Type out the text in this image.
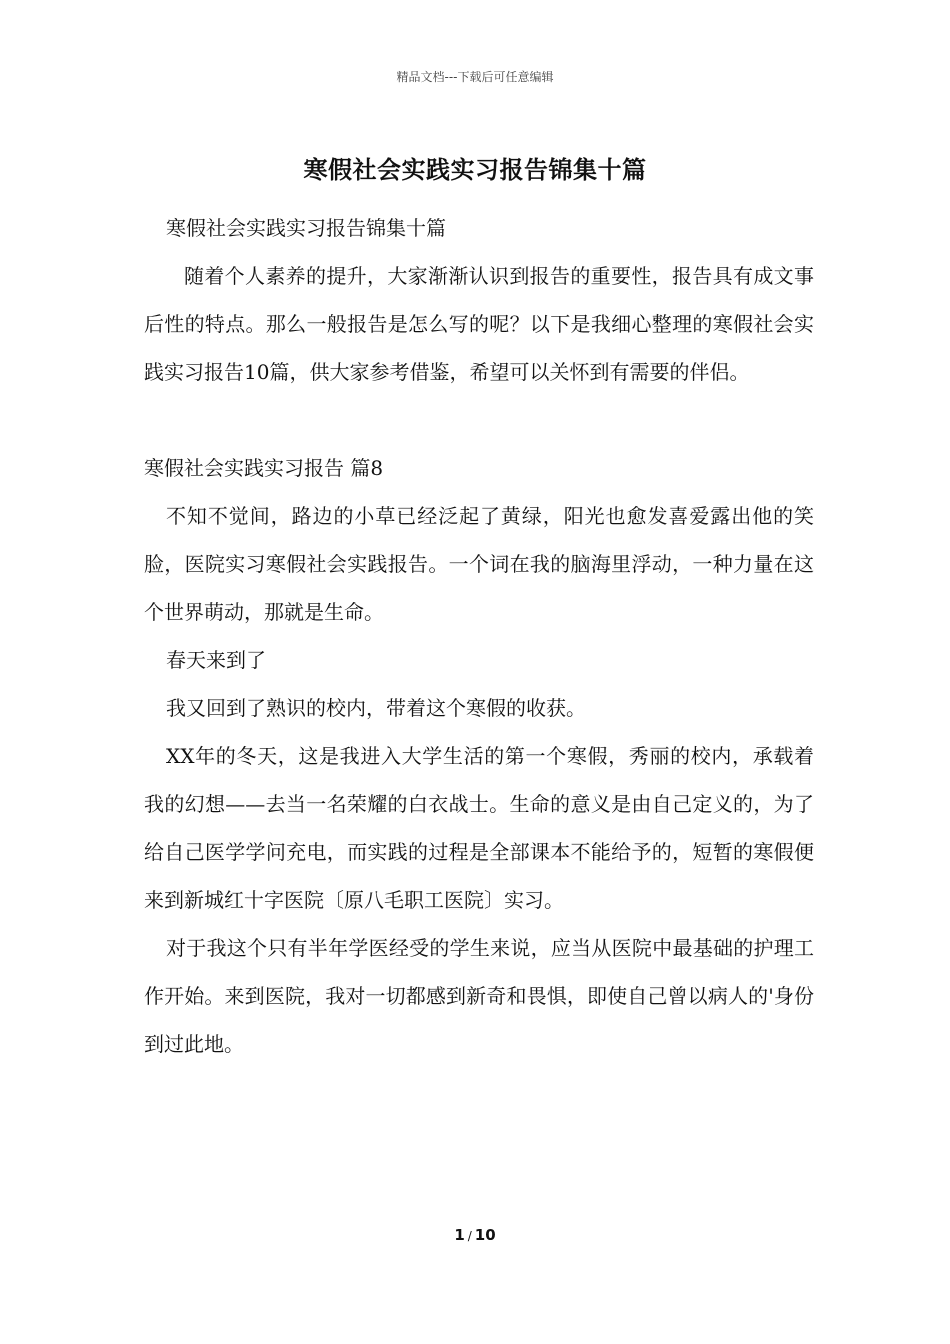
精品文档---下载后可任意编辑
寒假社会实践实习报告锦集十篇

寒假社会实践实习报告锦集十篇

随着个人素养的提升，大家渐渐认识到报告的重要性，报告具有成文事后性的特点。那么一般报告是怎么写的呢？以下是我细心整理的寒假社会实践实习报告10篇，供大家参考借鉴，希望可以关怀到有需要的伴侣。

寒假社会实践实习报告 篇8

不知不觉间，路边的小草已经泛起了黄绿，阳光也愈发喜爱露出他的笑脸，医院实习寒假社会实践报告。一个词在我的脑海里浮动，一种力量在这个世界萌动，那就是生命。

春天来到了

我又回到了熟识的校内，带着这个寒假的收获。

XX年的冬天，这是我进入大学生活的第一个寒假，秀丽的校内，承载着我的幻想——去当一名荣耀的白衣战士。生命的意义是由自己定义的，为了给自己医学学问充电，而实践的过程是全部课本不能给予的，短暂的寒假便来到新城红十字医院〔原八毛职工医院〕实习。

对于我这个只有半年学医经受的学生来说，应当从医院中最基础的护理工作开始。来到医院，我对一切都感到新奇和畏惧，即使自己曾以病人的'身份到过此地。

1 / 10
